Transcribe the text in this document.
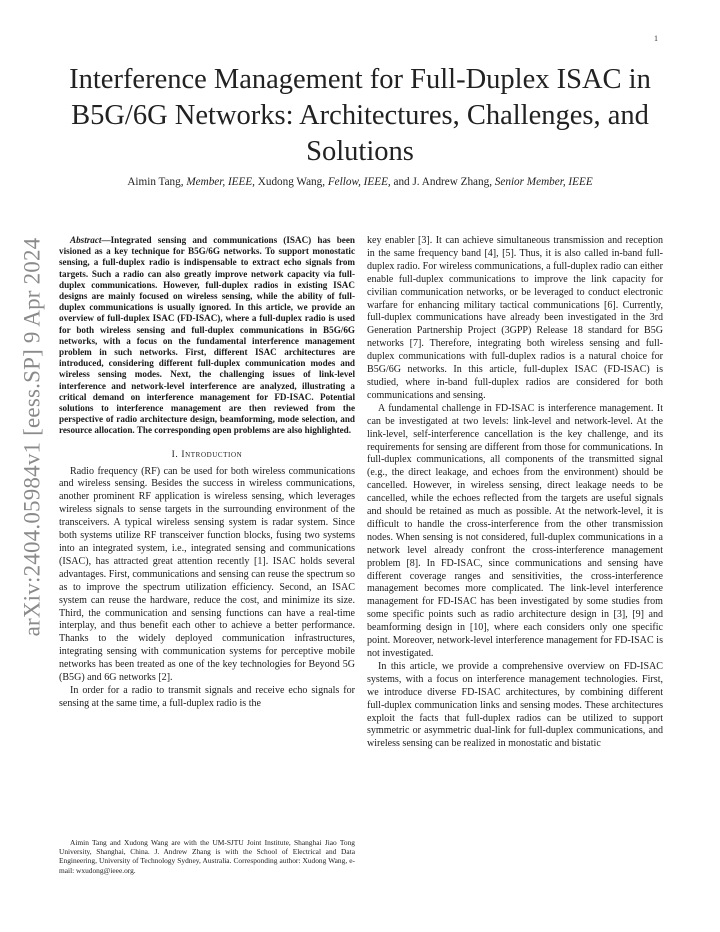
1
arXiv:2404.05984v1 [eess.SP] 9 Apr 2024
Interference Management for Full-Duplex ISAC in B5G/6G Networks: Architectures, Challenges, and Solutions
Aimin Tang, Member, IEEE, Xudong Wang, Fellow, IEEE, and J. Andrew Zhang, Senior Member, IEEE

Abstract—Integrated sensing and communications (ISAC) has been visioned as a key technique for B5G/6G networks. To support monostatic sensing, a full-duplex radio is indispensable to extract echo signals from targets. Such a radio can also greatly improve network capacity via full-duplex communications. However, full-duplex radios in existing ISAC designs are mainly focused on wireless sensing, while the ability of full-duplex communications is usually ignored. In this article, we provide an overview of full-duplex ISAC (FD-ISAC), where a full-duplex radio is used for both wireless sensing and full-duplex communications in B5G/6G networks, with a focus on the fundamental interference management problem in such networks. First, different ISAC architectures are introduced, considering different full-duplex communication modes and wireless sensing modes. Next, the challenging issues of link-level interference and network-level interference are analyzed, illustrating a critical demand on interference management for FD-ISAC. Potential solutions to interference management are then reviewed from the perspective of radio architecture design, beamforming, mode selection, and resource allocation. The corresponding open problems are also highlighted.

I. Introduction

Radio frequency (RF) can be used for both wireless communications and wireless sensing. Besides the success in wireless communications, another prominent RF application is wireless sensing, which leverages wireless signals to sense targets in the surrounding environment of the transceivers. A typical wireless sensing system is radar system. Since both systems utilize RF transceiver function blocks, fusing two systems into an integrated system, i.e., integrated sensing and communications (ISAC), has attracted great attention recently [1]. ISAC holds several advantages. First, communications and sensing can reuse the spectrum so as to improve the spectrum utilization efficiency. Second, an ISAC system can reuse the hardware, reduce the cost, and minimize its size. Third, the communication and sensing functions can have a real-time interplay, and thus benefit each other to achieve a better performance. Thanks to the widely deployed communication infrastructures, integrating sensing with communication systems for perceptive mobile networks has been treated as one of the key technologies for Beyond 5G (B5G) and 6G networks [2].

In order for a radio to transmit signals and receive echo signals for sensing at the same time, a full-duplex radio is the

Aimin Tang and Xudong Wang are with the UM-SJTU Joint Institute, Shanghai Jiao Tong University, Shanghai, China. J. Andrew Zhang is with the School of Electrical and Data Engineering, University of Technology Sydney, Australia. Corresponding author: Xudong Wang, e-mail: wxudong@ieee.org.

key enabler [3]. It can achieve simultaneous transmission and reception in the same frequency band [4], [5]. Thus, it is also called in-band full-duplex radio. For wireless communications, a full-duplex radio can either enable full-duplex communications to improve the link capacity for civilian communication networks, or be leveraged to conduct electronic warfare for enhancing military tactical communications [6]. Currently, full-duplex communications have already been investigated in the 3rd Generation Partnership Project (3GPP) Release 18 standard for B5G networks [7]. Therefore, integrating both wireless sensing and full-duplex communications with full-duplex radios is a natural choice for B5G/6G networks. In this article, full-duplex ISAC (FD-ISAC) is studied, where in-band full-duplex radios are considered for both communications and sensing.

A fundamental challenge in FD-ISAC is interference management. It can be investigated at two levels: link-level and network-level. At the link-level, self-interference cancellation is the key challenge, and its requirements for sensing are different from those for communications. In full-duplex communications, all components of the transmitted signal (e.g., the direct leakage, and echoes from the environment) should be cancelled. However, in wireless sensing, direct leakage needs to be cancelled, while the echoes reflected from the targets are useful signals and should be retained as much as possible. At the network-level, it is difficult to handle the cross-interference from the other transmission nodes. When sensing is not considered, full-duplex communications in a network level already confront the cross-interference management problem [8]. In FD-ISAC, since communications and sensing have different coverage ranges and sensitivities, the cross-interference management becomes more complicated. The link-level interference management for FD-ISAC has been investigated by some studies from some specific points such as radio architecture design in [3], [9] and beamforming design in [10], where each considers only one specific point. Moreover, network-level interference management for FD-ISAC is not investigated.

In this article, we provide a comprehensive overview on FD-ISAC systems, with a focus on interference management technologies. First, we introduce diverse FD-ISAC architectures, by combining different full-duplex communication links and sensing modes. These architectures exploit the facts that full-duplex radios can be utilized to support symmetric or asymmetric dual-link for full-duplex communications, and wireless sensing can be realized in monostatic and bistatic
